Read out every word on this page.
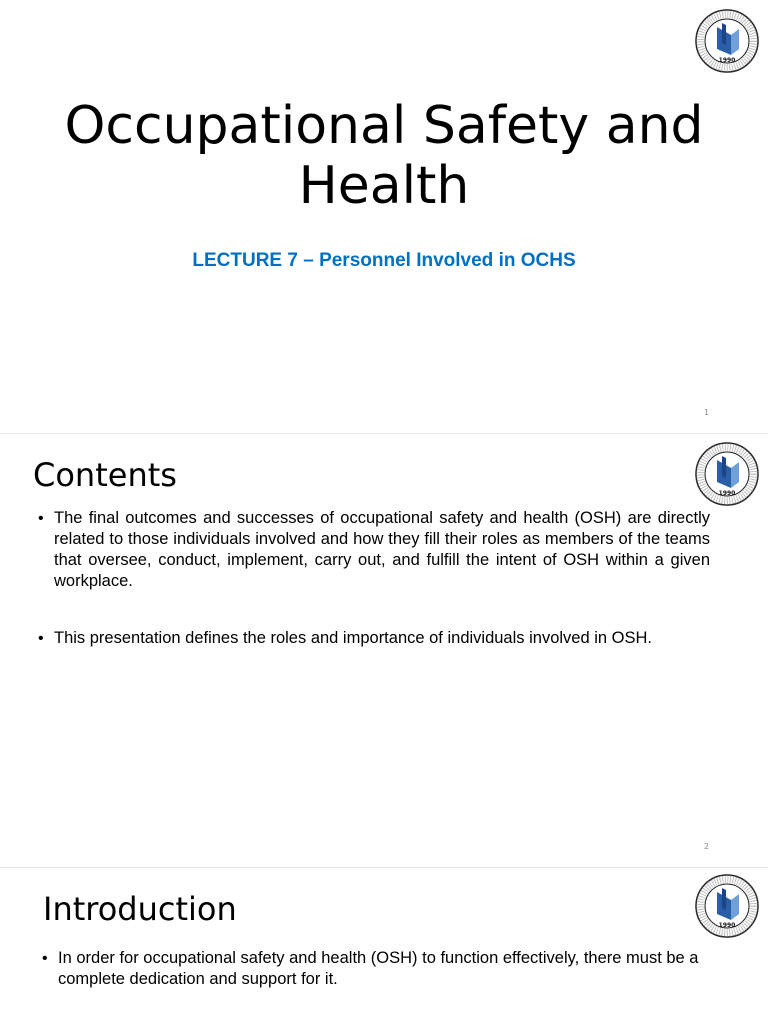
1990
Occupational Safety and Health
LECTURE 7 – Personnel Involved in OCHS
1
1990
Contents
• The final outcomes and successes of occupational safety and health (OSH) are directly related to those individuals involved and how they fill their roles as members of the teams that oversee, conduct, implement, carry out, and fulfill the intent of OSH within a given workplace.
• This presentation defines the roles and importance of individuals involved in OSH.
2
1990
Introduction
• In order for occupational safety and health (OSH) to function effectively, there must be a complete dedication and support for it.
